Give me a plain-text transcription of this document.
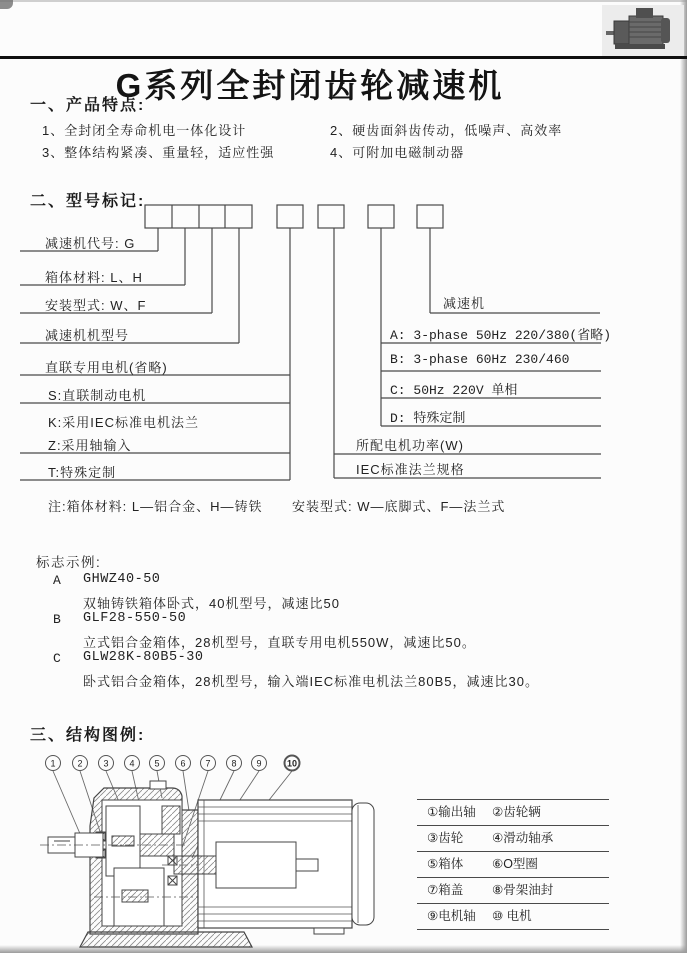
G系列全封闭齿轮减速机
一、产品特点:
1、全封闭全寿命机电一体化设计	2、硬齿面斜齿传动，低噪声、高效率
3、整体结构紧凑、重量轻，适应性强	4、可附加电磁制动器
二、型号标记:
减速机代号: G
箱体材料: L、H
安装型式: W、F
减速机机型号
直联专用电机(省略)
S:直联制动电机
K:采用IEC标准电机法兰
Z:采用轴输入
T:特殊定制
减速机
A: 3-phase 50Hz 220/380(省略)
B: 3-phase 60Hz 230/460
C: 50Hz 220V 单相
D: 特殊定制
所配电机功率(W)
IEC标准法兰规格
注:箱体材料: L—铝合金、H—铸铁 安装型式: W—底脚式、F—法兰式
标志示例:
A GHWZ40-50
双轴铸铁箱体卧式，40机型号，减速比50
B GLF28-550-50
立式铝合金箱体，28机型号，直联专用电机550W，减速比50。
C GLW28K-80B5-30
卧式铝合金箱体，28机型号，输入端IEC标准电机法兰80B5，减速比30。
三、结构图例:
1 2 3 4 5 6 7 8 9	10
①输出轴	②齿轮辆
③齿轮	④滑动轴承
⑤箱体	⑥O型圈
⑦箱盖	⑧骨架油封
⑨电机轴	⑩ 电机
